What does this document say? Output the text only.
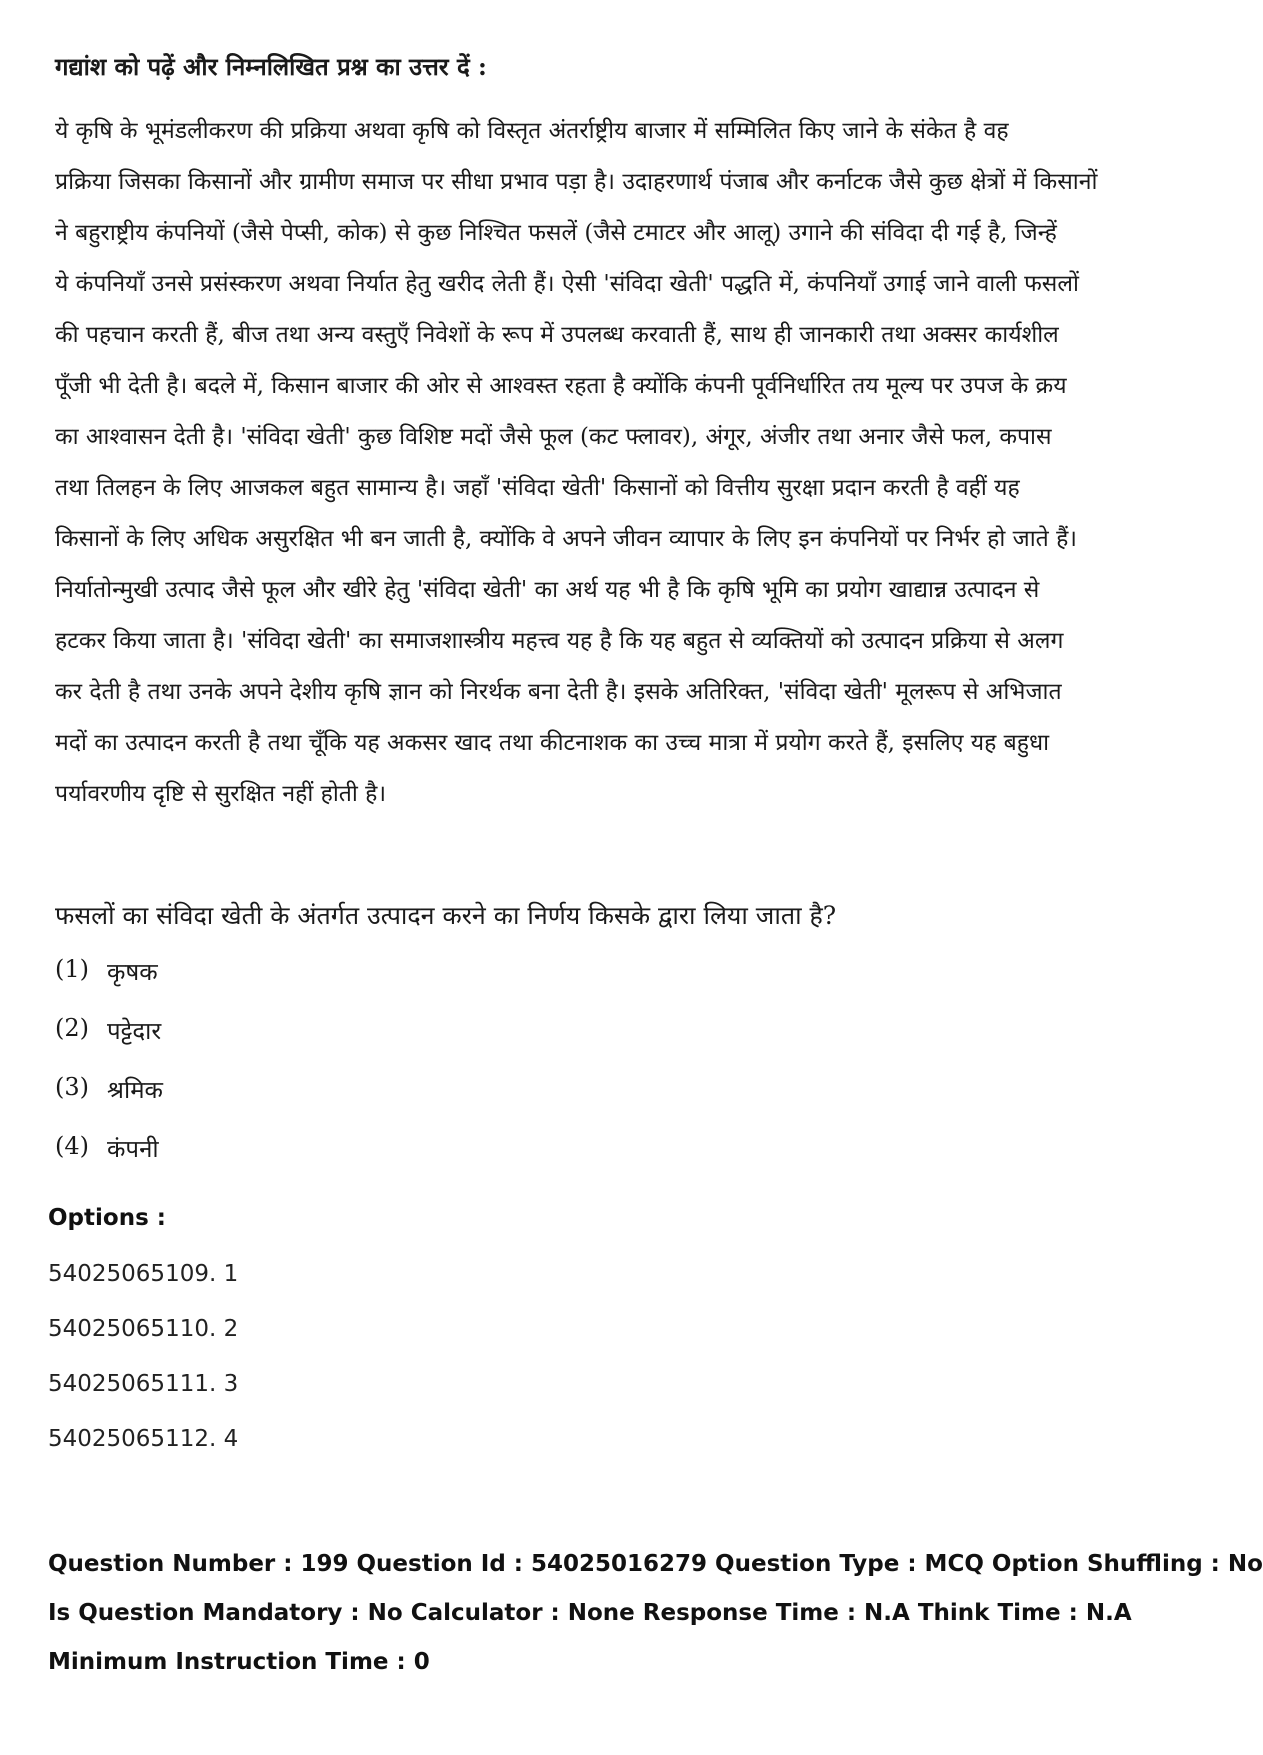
गद्यांश को पढ़ें और निम्नलिखित प्रश्न का उत्तर दें :
ये कृषि के भूमंडलीकरण की प्रक्रिया अथवा कृषि को विस्तृत अंतर्राष्ट्रीय बाजार में सम्मिलित किए जाने के संकेत है वह
प्रक्रिया जिसका किसानों और ग्रामीण समाज पर सीधा प्रभाव पड़ा है। उदाहरणार्थ पंजाब और कर्नाटक जैसे कुछ क्षेत्रों में किसानों
ने बहुराष्ट्रीय कंपनियों (जैसे पेप्सी, कोक) से कुछ निश्चित फसलें (जैसे टमाटर और आलू) उगाने की संविदा दी गई है, जिन्हें
ये कंपनियाँ उनसे प्रसंस्करण अथवा निर्यात हेतु खरीद लेती हैं। ऐसी 'संविदा खेती' पद्धति में, कंपनियाँ उगाई जाने वाली फसलों
की पहचान करती हैं, बीज तथा अन्य वस्तुएँ निवेशों के रूप में उपलब्ध करवाती हैं, साथ ही जानकारी तथा अक्सर कार्यशील
पूँजी भी देती है। बदले में, किसान बाजार की ओर से आश्वस्त रहता है क्योंकि कंपनी पूर्वनिर्धारित तय मूल्य पर उपज के क्रय
का आश्वासन देती है। 'संविदा खेती' कुछ विशिष्ट मदों जैसे फूल (कट फ्लावर), अंगूर, अंजीर तथा अनार जैसे फल, कपास
तथा तिलहन के लिए आजकल बहुत सामान्य है। जहाँ 'संविदा खेती' किसानों को वित्तीय सुरक्षा प्रदान करती है वहीं यह
किसानों के लिए अधिक असुरक्षित भी बन जाती है, क्योंकि वे अपने जीवन व्यापार के लिए इन कंपनियों पर निर्भर हो जाते हैं।
निर्यातोन्मुखी उत्पाद जैसे फूल और खीरे हेतु 'संविदा खेती' का अर्थ यह भी है कि कृषि भूमि का प्रयोग खाद्यान्न उत्पादन से
हटकर किया जाता है। 'संविदा खेती' का समाजशास्त्रीय महत्त्व यह है कि यह बहुत से व्यक्तियों को उत्पादन प्रक्रिया से अलग
कर देती है तथा उनके अपने देशीय कृषि ज्ञान को निरर्थक बना देती है। इसके अतिरिक्त, 'संविदा खेती' मूलरूप से अभिजात
मदों का उत्पादन करती है तथा चूँकि यह अकसर खाद तथा कीटनाशक का उच्च मात्रा में प्रयोग करते हैं, इसलिए यह बहुधा
पर्यावरणीय दृष्टि से सुरक्षित नहीं होती है।
फसलों का संविदा खेती के अंतर्गत उत्पादन करने का निर्णय किसके द्वारा लिया जाता है?
(1) कृषक
(2) पट्टेदार
(3) श्रमिक
(4) कंपनी
Options :
54025065109. 1
54025065110. 2
54025065111. 3
54025065112. 4
Question Number : 199 Question Id : 54025016279 Question Type : MCQ Option Shuffling : No
Is Question Mandatory : No Calculator : None Response Time : N.A Think Time : N.A
Minimum Instruction Time : 0
